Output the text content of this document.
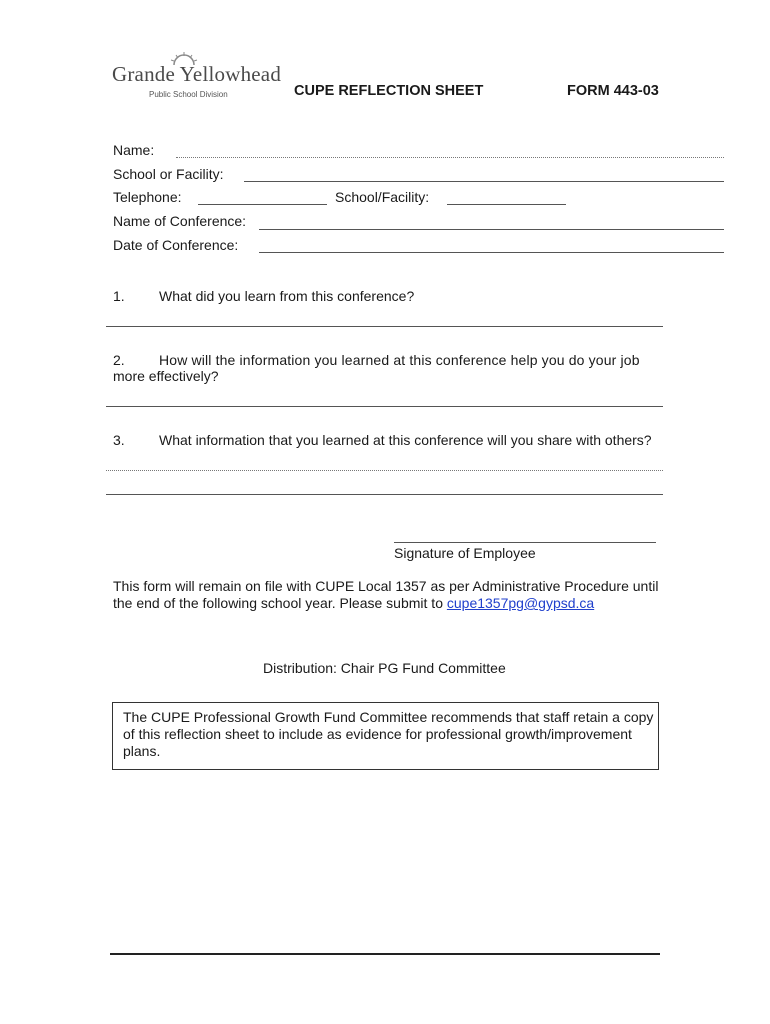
Grande Yellowhead
Public School Division	CUPE REFLECTION SHEET	FORM 443-03
Name:
School or Facility:
Telephone:	School/Facility:
Name of Conference:
Date of Conference:
1. What did you learn from this conference?
2. How will the information you learned at this conference help you do your job
more effectively?
3. What information that you learned at this conference will you share with others?
Signature of Employee
This form will remain on file with CUPE Local 1357 as per Administrative Procedure until
the end of the following school year. Please submit to cupe1357pg@gypsd.ca
Distribution: Chair PG Fund Committee
The CUPE Professional Growth Fund Committee recommends that staff retain a copy
of this reflection sheet to include as evidence for professional growth/improvement
plans.
